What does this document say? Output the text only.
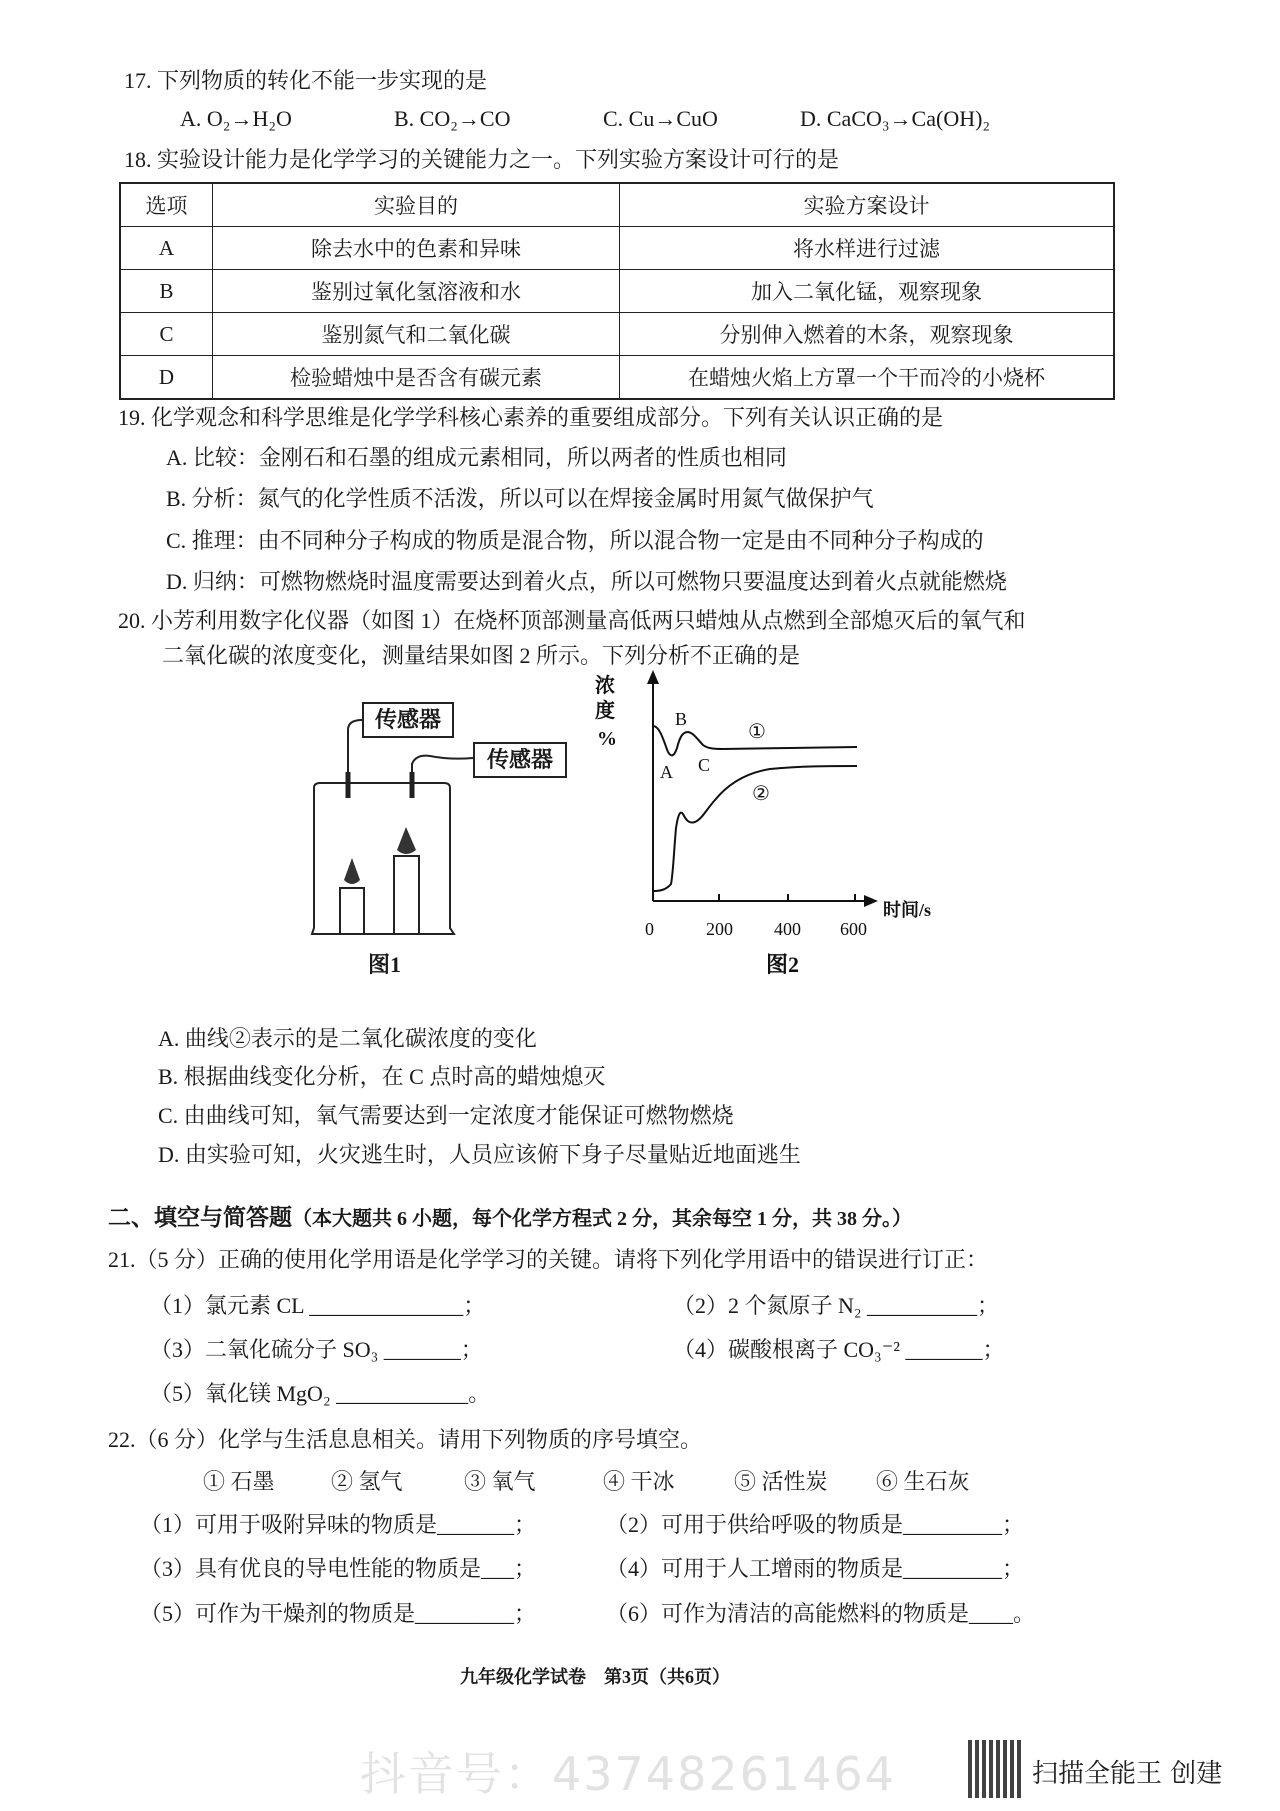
17. 下列物质的转化不能一步实现的是
A. O₂→H₂O	B. CO₂→CO	C. Cu→CuO	D. CaCO₃→Ca(OH)₂
18. 实验设计能力是化学学习的关键能力之一。下列实验方案设计可行的是
选项	实验目的	实验方案设计
A	除去水中的色素和异味	将水样进行过滤
B	鉴别过氧化氢溶液和水	加入二氧化锰，观察现象
C	鉴别氮气和二氧化碳	分别伸入燃着的木条，观察现象
D	检验蜡烛中是否含有碳元素	在蜡烛火焰上方罩一个干而冷的小烧杯
19. 化学观念和科学思维是化学学科核心素养的重要组成部分。下列有关认识正确的是
A. 比较：金刚石和石墨的组成元素相同，所以两者的性质也相同
B. 分析：氮气的化学性质不活泼，所以可以在焊接金属时用氮气做保护气
C. 推理：由不同种分子构成的物质是混合物，所以混合物一定是由不同种分子构成的
D. 归纳：可燃物燃烧时温度需要达到着火点，所以可燃物只要温度达到着火点就能燃烧
20. 小芳利用数字化仪器（如图 1）在烧杯顶部测量高低两只蜡烛从点燃到全部熄灭后的氧气和
二氧化碳的浓度变化，测量结果如图 2 所示。下列分析不正确的是
传感器
传感器
图1
浓
度
%
A
B
C
①
②
时间/s
0	200 400 600
图2
A. 曲线②表示的是二氧化碳浓度的变化
B. 根据曲线变化分析，在 C 点时高的蜡烛熄灭
C. 由曲线可知，氧气需要达到一定浓度才能保证可燃物燃烧
D. 由实验可知，火灾逃生时，人员应该俯下身子尽量贴近地面逃生
二、填空与简答题（本大题共 6 小题，每个化学方程式 2 分，其余每空 1 分，共 38 分。）
21.（5 分）正确的使用化学用语是化学学习的关键。请将下列化学用语中的错误进行订正：
（1）氯元素 CL ______________；	（2）2 个氮原子 N₂ __________；
（3）二氧化硫分子 SO₃ _______；	（4）碳酸根离子 CO₃⁻² _______；
（5）氧化镁 MgO₂ ____________。
22.（6 分）化学与生活息息相关。请用下列物质的序号填空。
① 石墨	② 氢气	③ 氧气	④ 干冰	⑤ 活性炭 ⑥ 生石灰
（1）可用于吸附异味的物质是_______；	（2）可用于供给呼吸的物质是_________；
（3）具有优良的导电性能的物质是___；	（4）可用于人工增雨的物质是_________；
（5）可作为干燥剂的物质是_________；	（6）可作为清洁的高能燃料的物质是____。
九年级化学试卷　第3页（共6页）
抖音号：43748261464	扫描全能王 创建
